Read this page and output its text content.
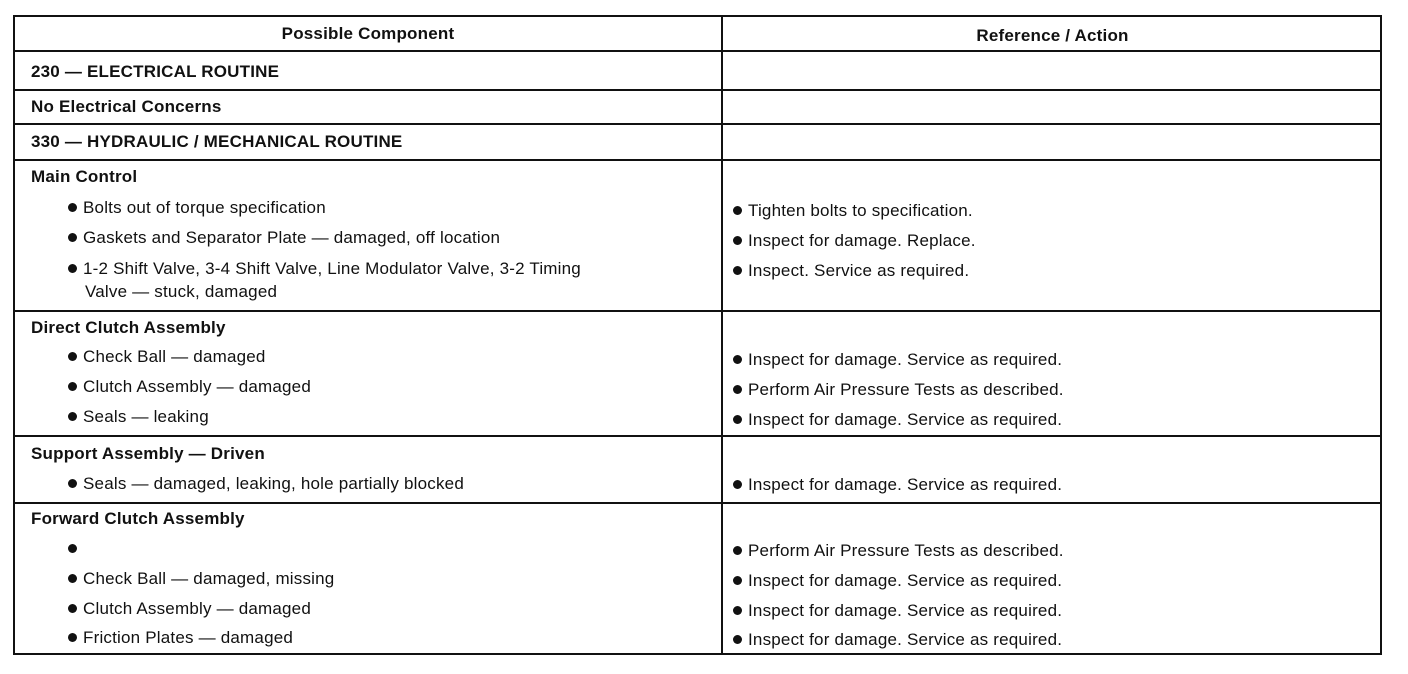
Possible Component	Reference / Action
230 — ELECTRICAL ROUTINE
No Electrical Concerns
330 — HYDRAULIC / MECHANICAL ROUTINE
Main Control
Bolts out of torque specification
Gaskets and Separator Plate — damaged, off location
1-2 Shift Valve, 3-4 Shift Valve, Line Modulator Valve, 3-2 Timing
Valve — stuck, damaged
Tighten bolts to specification.
Inspect for damage. Replace.
Inspect. Service as required.
Direct Clutch Assembly
Check Ball — damaged
Clutch Assembly — damaged
Seals — leaking
Inspect for damage. Service as required.
Perform Air Pressure Tests as described.
Inspect for damage. Service as required.
Support Assembly — Driven
Seals — damaged, leaking, hole partially blocked	Inspect for damage. Service as required.
Forward Clutch Assembly
Check Ball — damaged, missing
Clutch Assembly — damaged
Friction Plates — damaged
Perform Air Pressure Tests as described.
Inspect for damage. Service as required.
Inspect for damage. Service as required.
Inspect for damage. Service as required.
